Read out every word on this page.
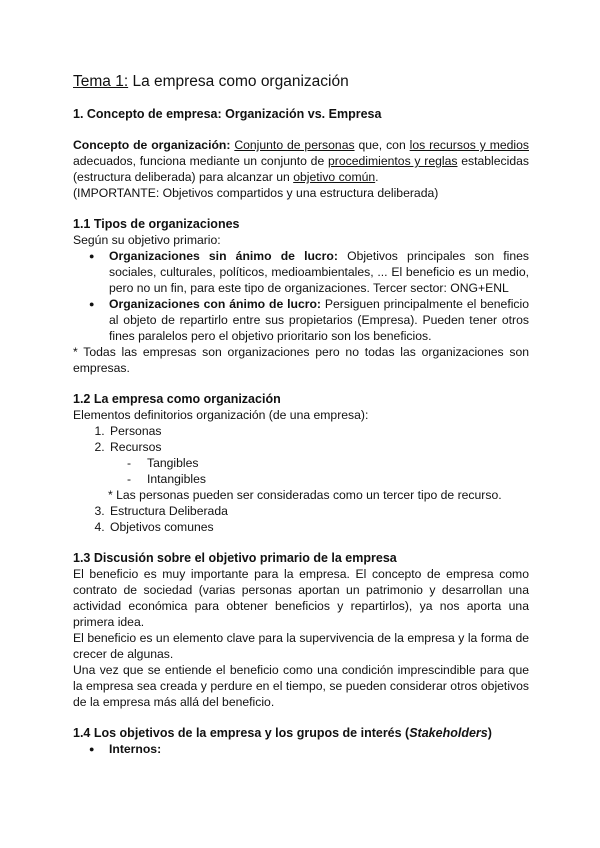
Tema 1: La empresa como organización

1. Concepto de empresa: Organización vs. Empresa

Concepto de organización: Conjunto de personas que, con los recursos y medios adecuados, funciona mediante un conjunto de procedimientos y reglas establecidas (estructura deliberada) para alcanzar un objetivo común.

(IMPORTANTE: Objetivos compartidos y una estructura deliberada)

1.1 Tipos de organizaciones

Según su objetivo primario:

● Organizaciones sin ánimo de lucro: Objetivos principales son fines sociales, culturales, políticos, medioambientales, ... El beneficio es un medio, pero no un fin, para este tipo de organizaciones. Tercer sector: ONG+ENL
● Organizaciones con ánimo de lucro: Persiguen principalmente el beneficio al objeto de repartirlo entre sus propietarios (Empresa). Pueden tener otros fines paralelos pero el objetivo prioritario son los beneficios.

* Todas las empresas son organizaciones pero no todas las organizaciones son empresas.

1.2 La empresa como organización

Elementos definitorios organización (de una empresa):

1. Personas
2. Recursos
- Tangibles
- Intangibles
* Las personas pueden ser consideradas como un tercer tipo de recurso.
3. Estructura Deliberada
4. Objetivos comunes

1.3 Discusión sobre el objetivo primario de la empresa

El beneficio es muy importante para la empresa. El concepto de empresa como contrato de sociedad (varias personas aportan un patrimonio y desarrollan una actividad económica para obtener beneficios y repartirlos), ya nos aporta una primera idea.

El beneficio es un elemento clave para la supervivencia de la empresa y la forma de crecer de algunas.

Una vez que se entiende el beneficio como una condición imprescindible para que la empresa sea creada y perdure en el tiempo, se pueden considerar otros objetivos de la empresa más allá del beneficio.

1.4 Los objetivos de la empresa y los grupos de interés (Stakeholders)

● Internos:
